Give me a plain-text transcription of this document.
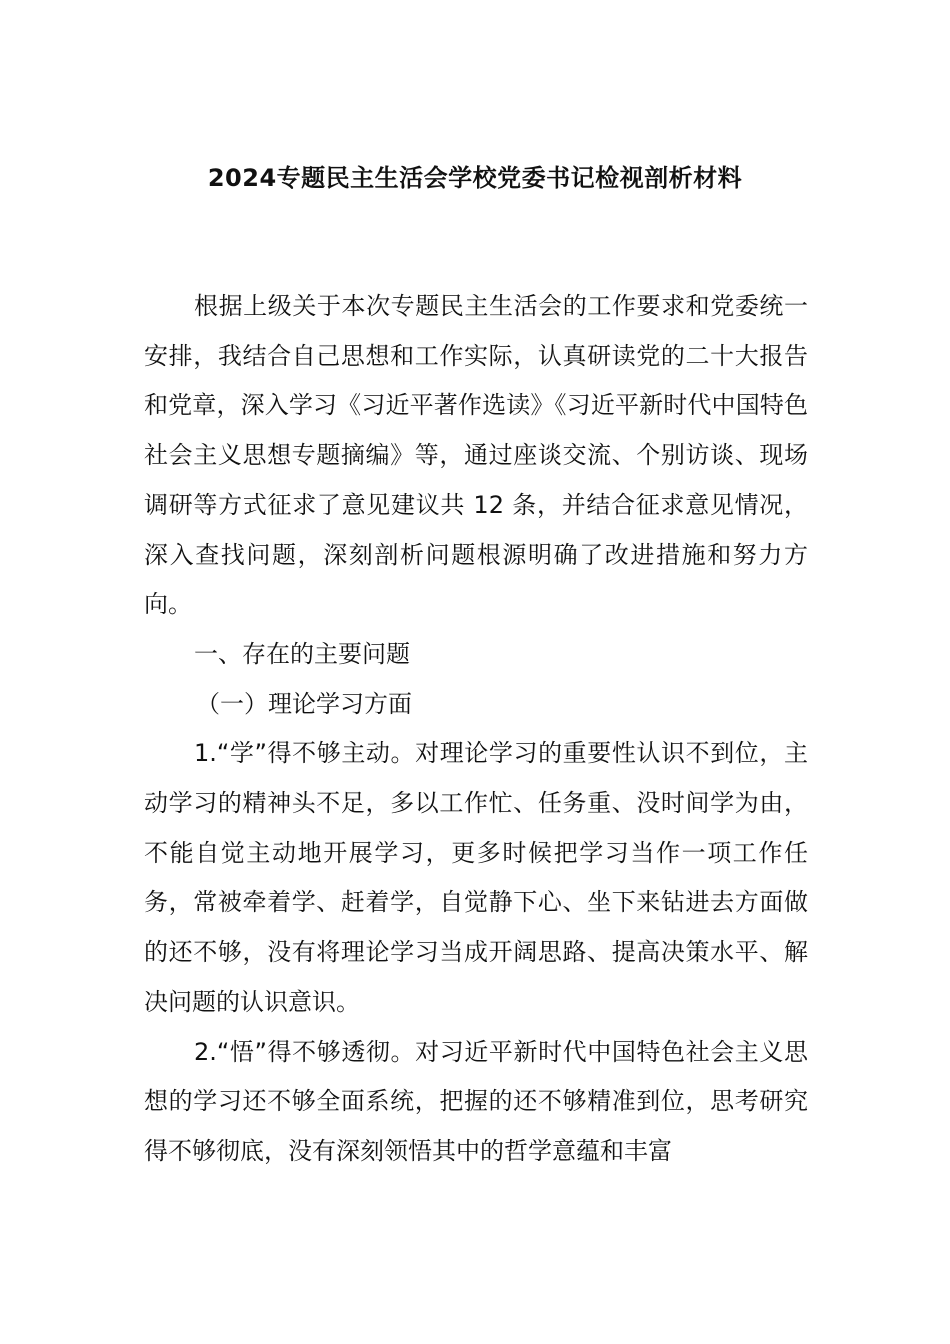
2024专题民主生活会学校党委书记检视剖析材料

根据上级关于本次专题民主生活会的工作要求和党委统一安排，我结合自己思想和工作实际，认真研读党的二十大报告和党章，深入学习《习近平著作选读》《习近平新时代中国特色社会主义思想专题摘编》等，通过座谈交流、个别访谈、现场调研等方式征求了意见建议共 12 条，并结合征求意见情况，深入查找问题，深刻剖析问题根源明确了改进措施和努力方向。

一、存在的主要问题

（一）理论学习方面

1.“学”得不够主动。对理论学习的重要性认识不到位，主动学习的精神头不足，多以工作忙、任务重、没时间学为由，不能自觉主动地开展学习，更多时候把学习当作一项工作任务，常被牵着学、赶着学，自觉静下心、坐下来钻进去方面做的还不够，没有将理论学习当成开阔思路、提高决策水平、解决问题的认识意识。

2.“悟”得不够透彻。对习近平新时代中国特色社会主义思想的学习还不够全面系统，把握的还不够精准到位，思考研究得不够彻底，没有深刻领悟其中的哲学意蕴和丰富
